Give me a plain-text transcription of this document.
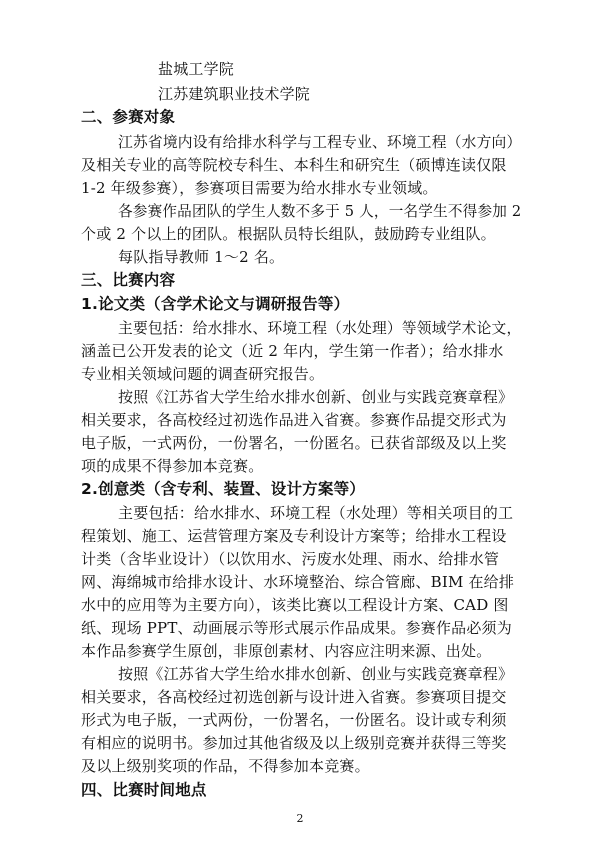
盐城工学院
江苏建筑职业技术学院
二、参赛对象
江苏省境内设有给排水科学与工程专业、环境工程（水方向）
及相关专业的高等院校专科生、本科生和研究生（硕博连读仅限
1-2 年级参赛），参赛项目需要为给水排水专业领域。
各参赛作品团队的学生人数不多于 5 人，一名学生不得参加 2
个或 2 个以上的团队。根据队员特长组队，鼓励跨专业组队。
每队指导教师 1～2 名。
三、比赛内容
1.论文类（含学术论文与调研报告等）
主要包括：给水排水、环境工程（水处理）等领域学术论文，
涵盖已公开发表的论文（近 2 年内，学生第一作者）；给水排水
专业相关领域问题的调查研究报告。
按照《江苏省大学生给水排水创新、创业与实践竞赛章程》
相关要求，各高校经过初选作品进入省赛。参赛作品提交形式为
电子版，一式两份，一份署名，一份匿名。已获省部级及以上奖
项的成果不得参加本竞赛。
2.创意类（含专利、装置、设计方案等）
主要包括：给水排水、环境工程（水处理）等相关项目的工
程策划、施工、运营管理方案及专利设计方案等；给排水工程设
计类（含毕业设计）（以饮用水、污废水处理、雨水、给排水管
网、海绵城市给排水设计、水环境整治、综合管廊、BIM 在给排
水中的应用等为主要方向），该类比赛以工程设计方案、CAD 图
纸、现场 PPT、动画展示等形式展示作品成果。参赛作品必须为
本作品参赛学生原创，非原创素材、内容应注明来源、出处。
按照《江苏省大学生给水排水创新、创业与实践竞赛章程》
相关要求，各高校经过初选创新与设计进入省赛。参赛项目提交
形式为电子版，一式两份，一份署名，一份匿名。设计或专利须
有相应的说明书。参加过其他省级及以上级别竞赛并获得三等奖
及以上级别奖项的作品，不得参加本竞赛。
四、比赛时间地点
2
